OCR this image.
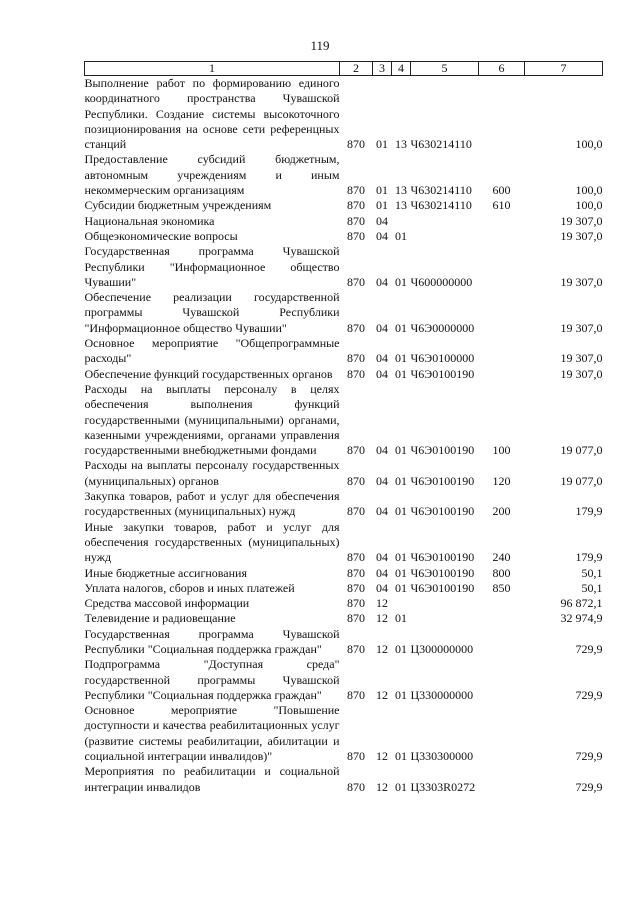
119
1	2	3	4	5	6	7
Выполнение работ по формированию единого координатного пространства Чувашской Республики. Создание системы высокоточного позиционирования на основе сети референцных станций	870	01	13	Ч630214110		100,0
Предоставление субсидий бюджетным, автономным учреждениям и иным некоммерческим организациям	870	01	13	Ч630214110	600	100,0
Субсидии бюджетным учреждениям	870	01	13	Ч630214110	610	100,0
Национальная экономика	870	04				19 307,0
Общеэкономические вопросы	870	04	01			19 307,0
Государственная программа Чувашской Республики "Информационное общество Чувашии"	870	04	01	Ч600000000		19 307,0
Обеспечение реализации государственной программы Чувашской Республики "Информационное общество Чувашии"	870	04	01	Ч6Э0000000		19 307,0
Основное мероприятие "Общепрограммные расходы"	870	04	01	Ч6Э0100000		19 307,0
Обеспечение функций государственных органов	870	04	01	Ч6Э0100190		19 307,0
Расходы на выплаты персоналу в целях обеспечения выполнения функций государственными (муниципальными) органами, казенными учреждениями, органами управления государственными внебюджетными фондами	870	04	01	Ч6Э0100190	100	19 077,0
Расходы на выплаты персоналу государственных (муниципальных) органов	870	04	01	Ч6Э0100190	120	19 077,0
Закупка товаров, работ и услуг для обеспечения государственных (муниципальных) нужд	870	04	01	Ч6Э0100190	200	179,9
Иные закупки товаров, работ и услуг для обеспечения государственных (муниципальных) нужд	870	04	01	Ч6Э0100190	240	179,9
Иные бюджетные ассигнования	870	04	01	Ч6Э0100190	800	50,1
Уплата налогов, сборов и иных платежей	870	04	01	Ч6Э0100190	850	50,1
Средства массовой информации	870	12				96 872,1
Телевидение и радиовещание	870	12	01			32 974,9
Государственная программа Чувашской Республики "Социальная поддержка граждан"	870	12	01	Ц300000000		729,9
Подпрограмма "Доступная среда" государственной программы Чувашской Республики "Социальная поддержка граждан"	870	12	01	Ц330000000		729,9
Основное мероприятие "Повышение доступности и качества реабилитационных услуг (развитие системы реабилитации, абилитации и социальной интеграции инвалидов)"	870	12	01	Ц330300000		729,9
Мероприятия по реабилитации и социальной интеграции инвалидов	870	12	01	Ц3303R0272		729,9
